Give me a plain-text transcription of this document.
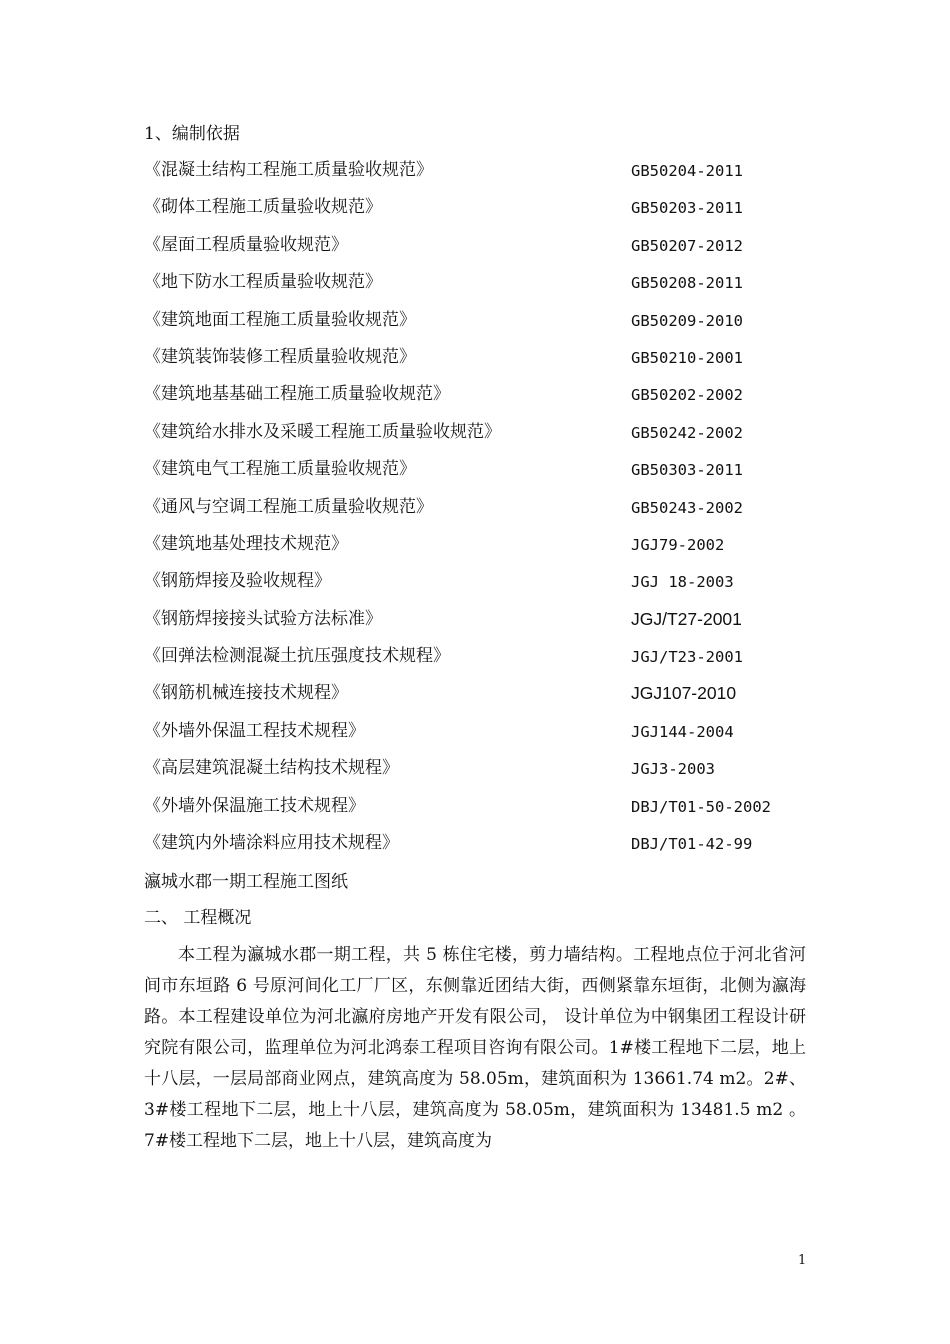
1、编制依据
《混凝土结构工程施工质量验收规范》	GB50204-2011
《砌体工程施工质量验收规范》	GB50203-2011
《屋面工程质量验收规范》	GB50207-2012
《地下防水工程质量验收规范》	GB50208-2011
《建筑地面工程施工质量验收规范》	GB50209-2010
《建筑装饰装修工程质量验收规范》	GB50210-2001
《建筑地基基础工程施工质量验收规范》	GB50202-2002
《建筑给水排水及采暖工程施工质量验收规范》	GB50242-2002
《建筑电气工程施工质量验收规范》	GB50303-2011
《通风与空调工程施工质量验收规范》	GB50243-2002
《建筑地基处理技术规范》	JGJ79-2002
《钢筋焊接及验收规程》	JGJ 18-2003
《钢筋焊接接头试验方法标准》	JGJ/T27-2001
《回弹法检测混凝土抗压强度技术规程》	JGJ/T23-2001
《钢筋机械连接技术规程》	JGJ107-2010
《外墙外保温工程技术规程》	JGJ144-2004
《高层建筑混凝土结构技术规程》	JGJ3-2003
《外墙外保温施工技术规程》	DBJ/T01-50-2002
《建筑内外墙涂料应用技术规程》	DBJ/T01-42-99
瀛城水郡一期工程施工图纸
二、 工程概况
本工程为瀛城水郡一期工程，共 5 栋住宅楼，剪力墙结构。工程地点位于河北省河间市东垣路 6 号原河间化工厂厂区，东侧靠近团结大街，西侧紧靠东垣街，北侧为瀛海路。本工程建设单位为河北瀛府房地产开发有限公司， 设计单位为中钢集团工程设计研究院有限公司，监理单位为河北鸿泰工程项目咨询有限公司。1#楼工程地下二层，地上十八层，一层局部商业网点，建筑高度为 58.05m，建筑面积为 13661.74 m2。2#、3#楼工程地下二层，地上十八层，建筑高度为 58.05m，建筑面积为 13481.5 m2 。7#楼工程地下二层，地上十八层，建筑高度为
1
